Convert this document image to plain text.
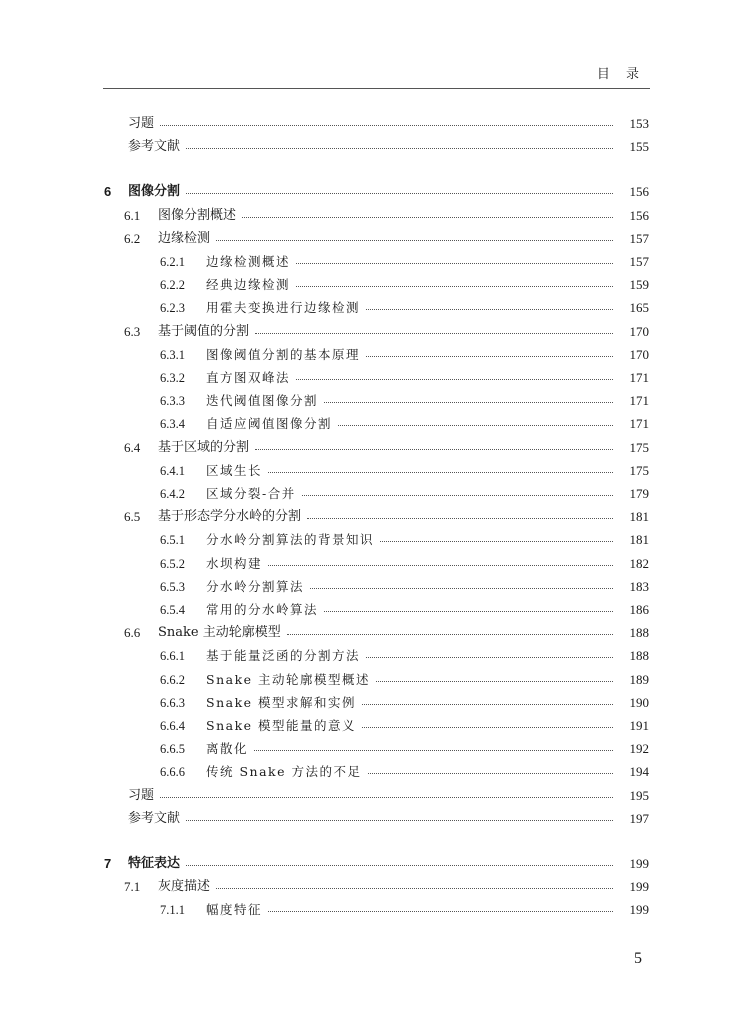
目 录
习题	153
参考文献	155
6	图像分割	156
6.1	图像分割概述	156
6.2	边缘检测	157
6.2.1	边缘检测概述	157
6.2.2	经典边缘检测	159
6.2.3	用霍夫变换进行边缘检测	165
6.3	基于阈值的分割	170
6.3.1	图像阈值分割的基本原理	170
6.3.2	直方图双峰法	171
6.3.3	迭代阈值图像分割	171
6.3.4	自适应阈值图像分割	171
6.4	基于区域的分割	175
6.4.1	区域生长	175
6.4.2	区域分裂-合并	179
6.5	基于形态学分水岭的分割	181
6.5.1	分水岭分割算法的背景知识	181
6.5.2	水坝构建	182
6.5.3	分水岭分割算法	183
6.5.4	常用的分水岭算法	186
6.6	Snake 主动轮廓模型	188
6.6.1	基于能量泛函的分割方法	188
6.6.2	Snake 主动轮廓模型概述	189
6.6.3	Snake 模型求解和实例	190
6.6.4	Snake 模型能量的意义	191
6.6.5	离散化	192
6.6.6	传统 Snake 方法的不足	194
习题	195
参考文献	197
7	特征表达	199
7.1	灰度描述	199
7.1.1	幅度特征	199
5
